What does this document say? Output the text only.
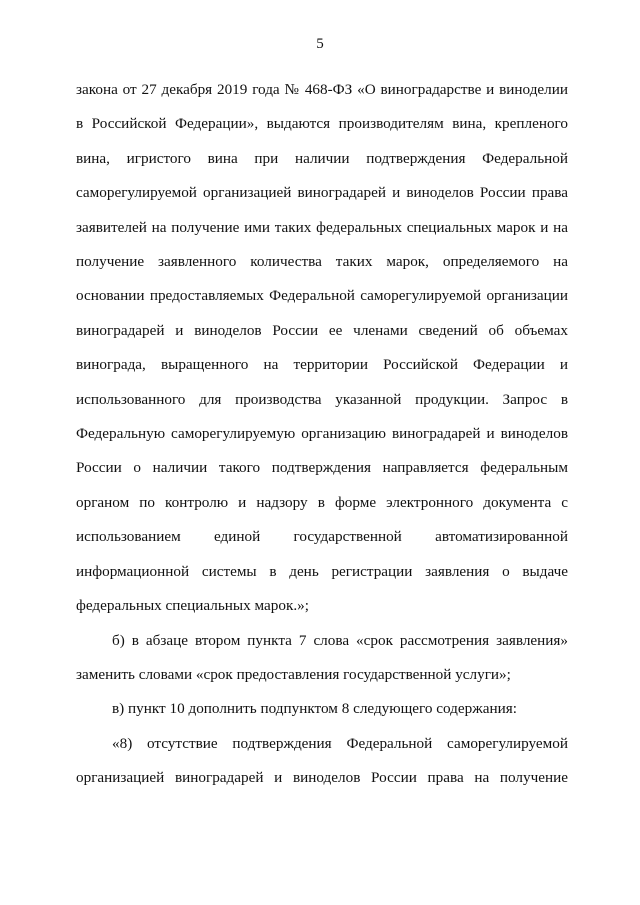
5

закона от 27 декабря 2019 года № 468-ФЗ «О виноградарстве и виноделии
в Российской Федерации», выдаются производителям вина, крепленого
вина, игристого вина при наличии подтверждения Федеральной
саморегулируемой организацией виноградарей и виноделов России права
заявителей на получение ими таких федеральных специальных марок и на
получение заявленного количества таких марок, определяемого на
основании предоставляемых Федеральной саморегулируемой организации
виноградарей и виноделов России ее членами сведений об объемах
винограда, выращенного на территории Российской Федерации и
использованного для производства указанной продукции. Запрос в
Федеральную саморегулируемую организацию виноградарей и виноделов
России о наличии такого подтверждения направляется федеральным
органом по контролю и надзору в форме электронного документа с
использованием единой государственной автоматизированной
информационной системы в день регистрации заявления о выдаче
федеральных специальных марок.»;

б) в абзаце втором пункта 7 слова «срок рассмотрения заявления»
заменить словами «срок предоставления государственной услуги»;

в) пункт 10 дополнить подпунктом 8 следующего содержания:

«8) отсутствие подтверждения Федеральной саморегулируемой
организацией виноградарей и виноделов России права на получение
